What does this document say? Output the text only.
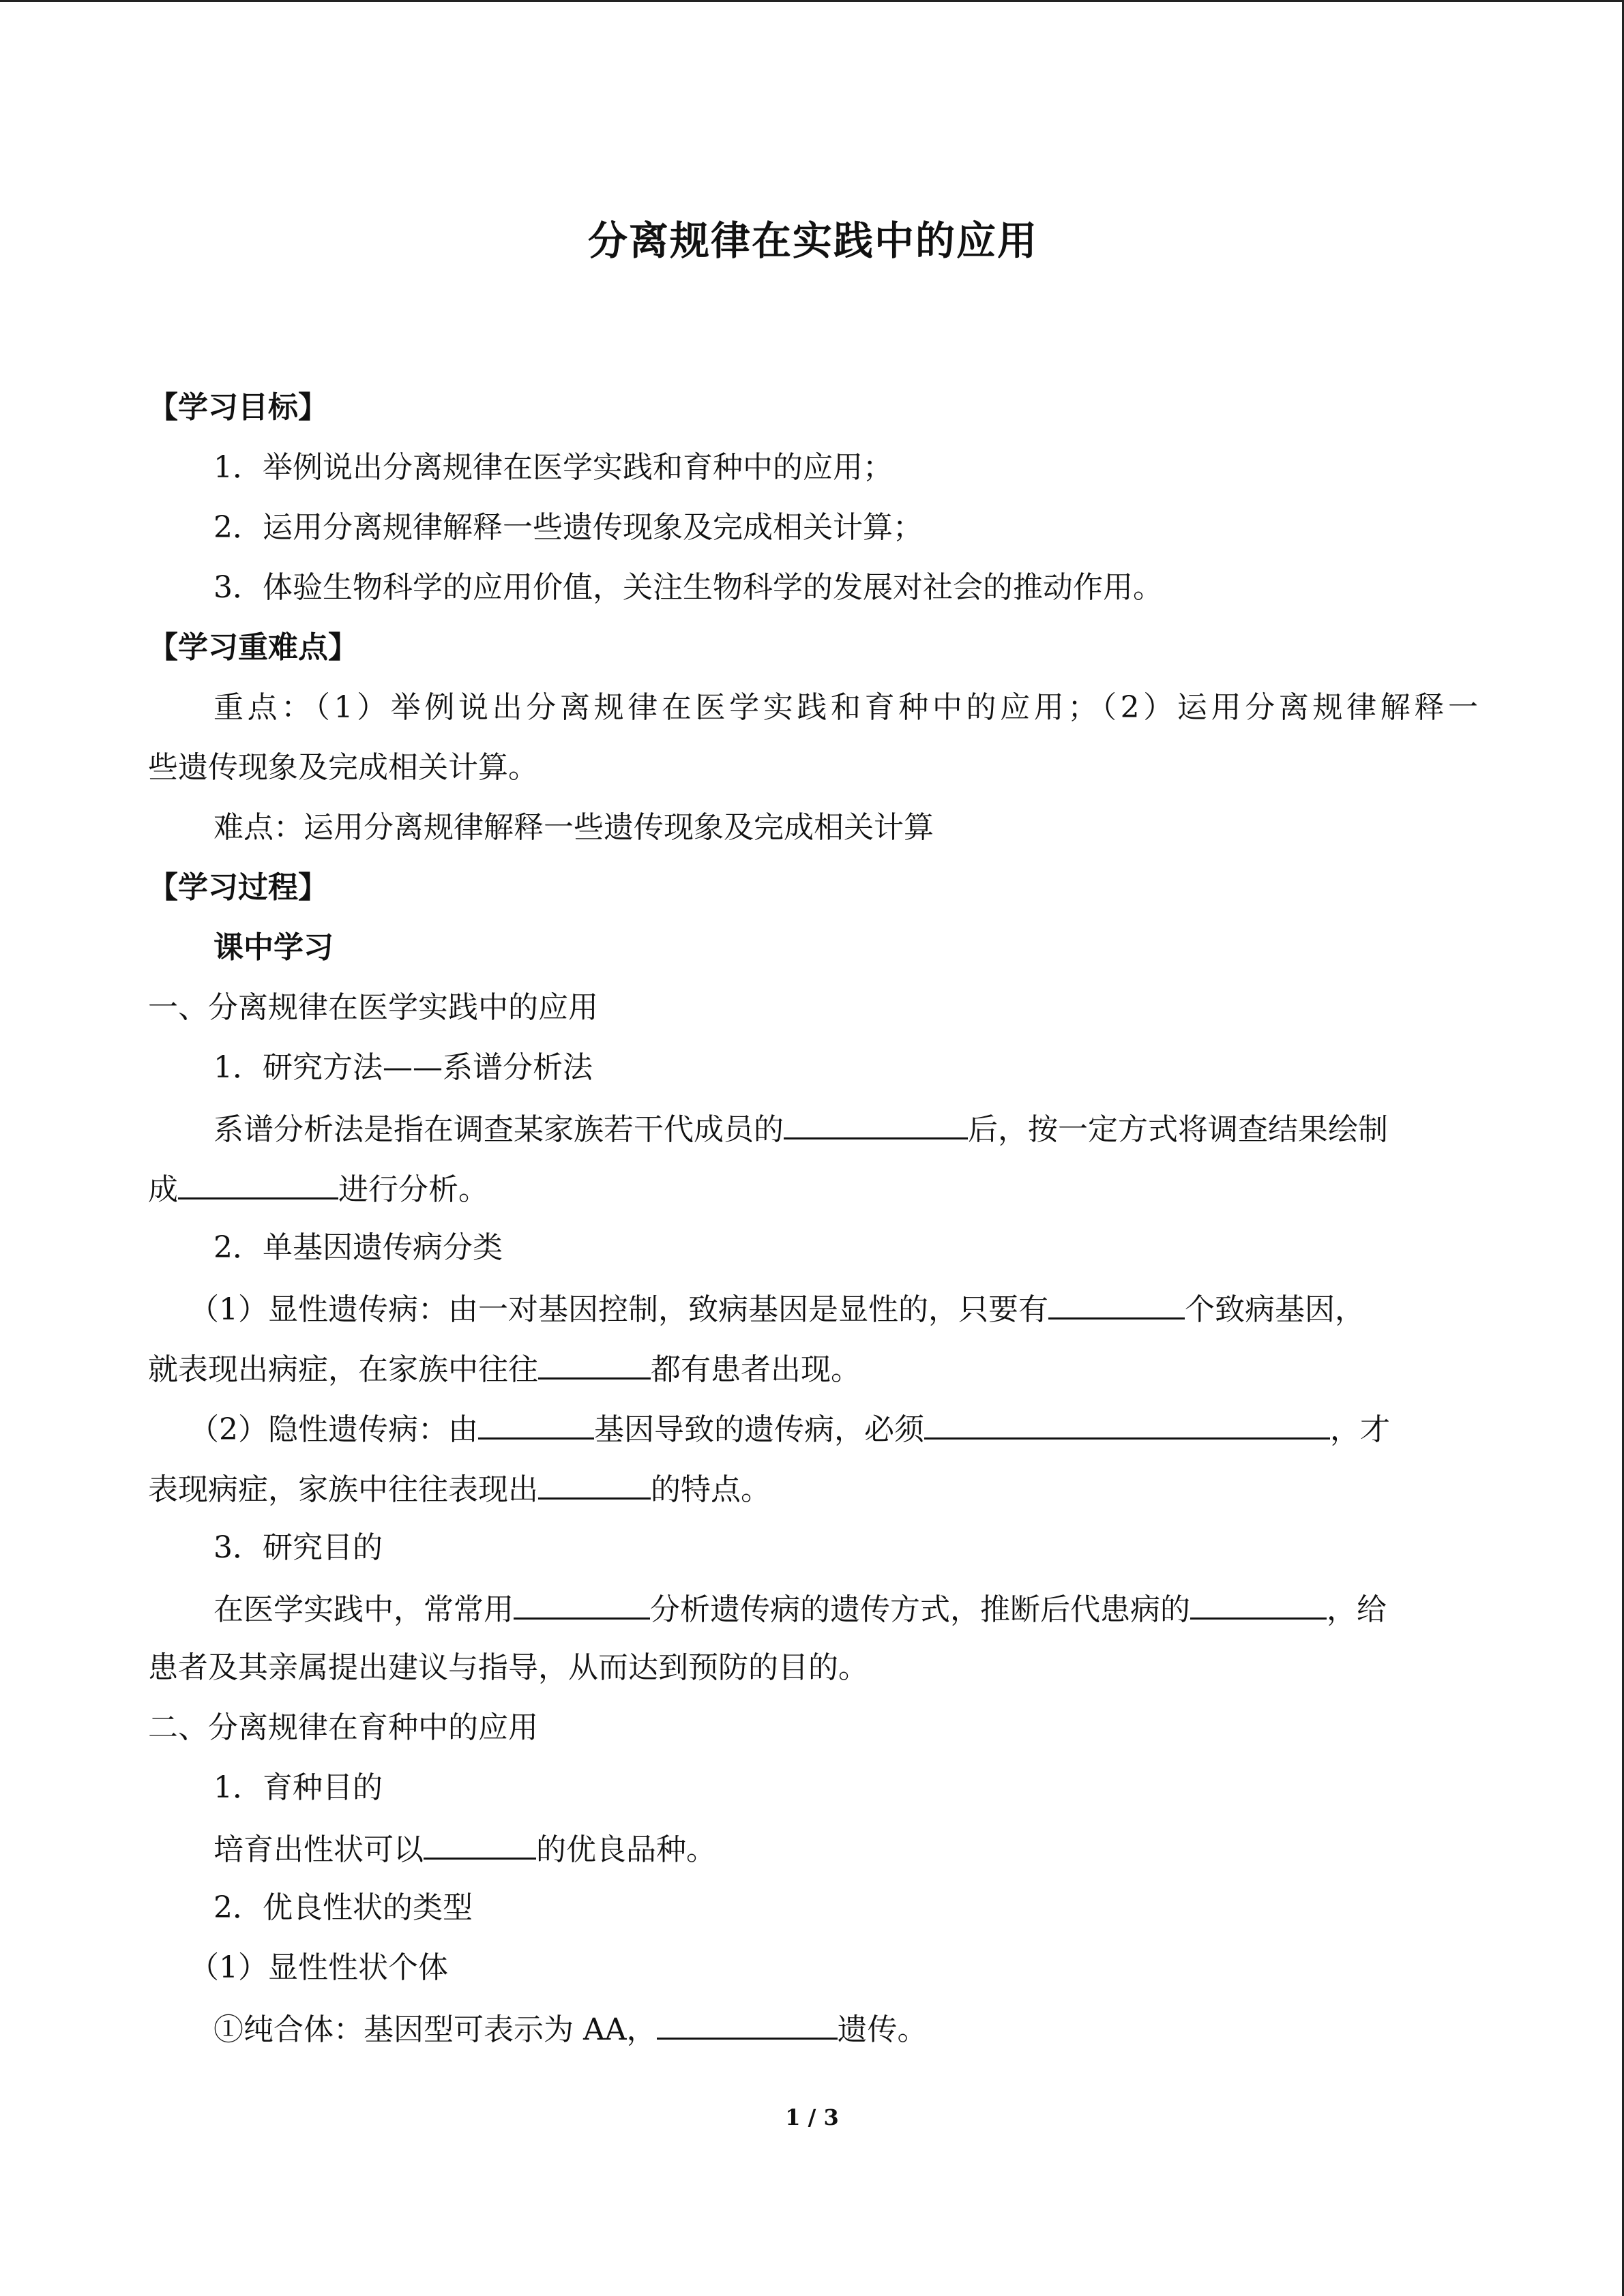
分离规律在实践中的应用
【学习目标】
1．举例说出分离规律在医学实践和育种中的应用；
2．运用分离规律解释一些遗传现象及完成相关计算；
3．体验生物科学的应用价值，关注生物科学的发展对社会的推动作用。
【学习重难点】
重点：（1）举例说出分离规律在医学实践和育种中的应用；（2）运用分离规律解释一
些遗传现象及完成相关计算。
难点：运用分离规律解释一些遗传现象及完成相关计算
【学习过程】
课中学习
一、分离规律在医学实践中的应用
1．研究方法——系谱分析法
系谱分析法是指在调查某家族若干代成员的	后，按一定方式将调查结果绘制
成	进行分析。
2．单基因遗传病分类
（1）显性遗传病：由一对基因控制，致病基因是显性的，只要有	个致病基因，
就表现出病症，在家族中往往	都有患者出现。
（2）隐性遗传病：由	基因导致的遗传病，必须	，才
表现病症，家族中往往表现出	的特点。
3．研究目的
在医学实践中，常常用	分析遗传病的遗传方式，推断后代患病的	，给
患者及其亲属提出建议与指导，从而达到预防的目的。
二、分离规律在育种中的应用
1．育种目的
培育出性状可以	的优良品种。
2．优良性状的类型
（1）显性性状个体
①纯合体：基因型可表示为 AA，	遗传。
1 / 3
